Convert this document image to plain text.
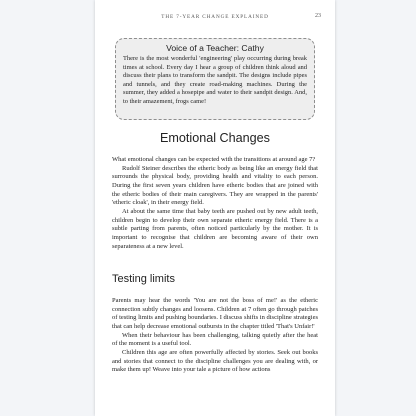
THE 7-YEAR CHANGE EXPLAINED	23
Voice of a Teacher: Cathy

There is the most wonderful 'engineering' play occurring during break times at school. Every day I hear a group of children think aloud and discuss their plans to transform the sandpit. The designs include pipes and tunnels, and they create road-making machines. During the summer, they added a hosepipe and water to their sandpit design. And, to their amazement, frogs came!

Emotional Changes

What emotional changes can be expected with the transitions at around age 7?

Rudolf Steiner describes the etheric body as being like an energy field that surrounds the physical body, providing health and vitality to each person. During the first seven years children have etheric bodies that are joined with the etheric bodies of their main caregivers. They are wrapped in the parents' 'etheric cloak', in their energy field.

At about the same time that baby teeth are pushed out by new adult teeth, children begin to develop their own separate etheric energy field. There is a subtle parting from parents, often noticed particularly by the mother. It is important to recognise that children are becoming aware of their own separateness at a new level.

Testing limits

Parents may hear the words 'You are not the boss of me!' as the etheric connection subtly changes and loosens. Children at 7 often go through patches of testing limits and pushing boundaries. I discuss shifts in discipline strategies that can help decrease emotional outbursts in the chapter titled 'That's Unfair!'

When their behaviour has been challenging, talking quietly after the heat of the moment is a useful tool.

Children this age are often powerfully affected by stories. Seek out books and stories that connect to the discipline challenges you are dealing with, or make them up! Weave into your tale a picture of how actions
